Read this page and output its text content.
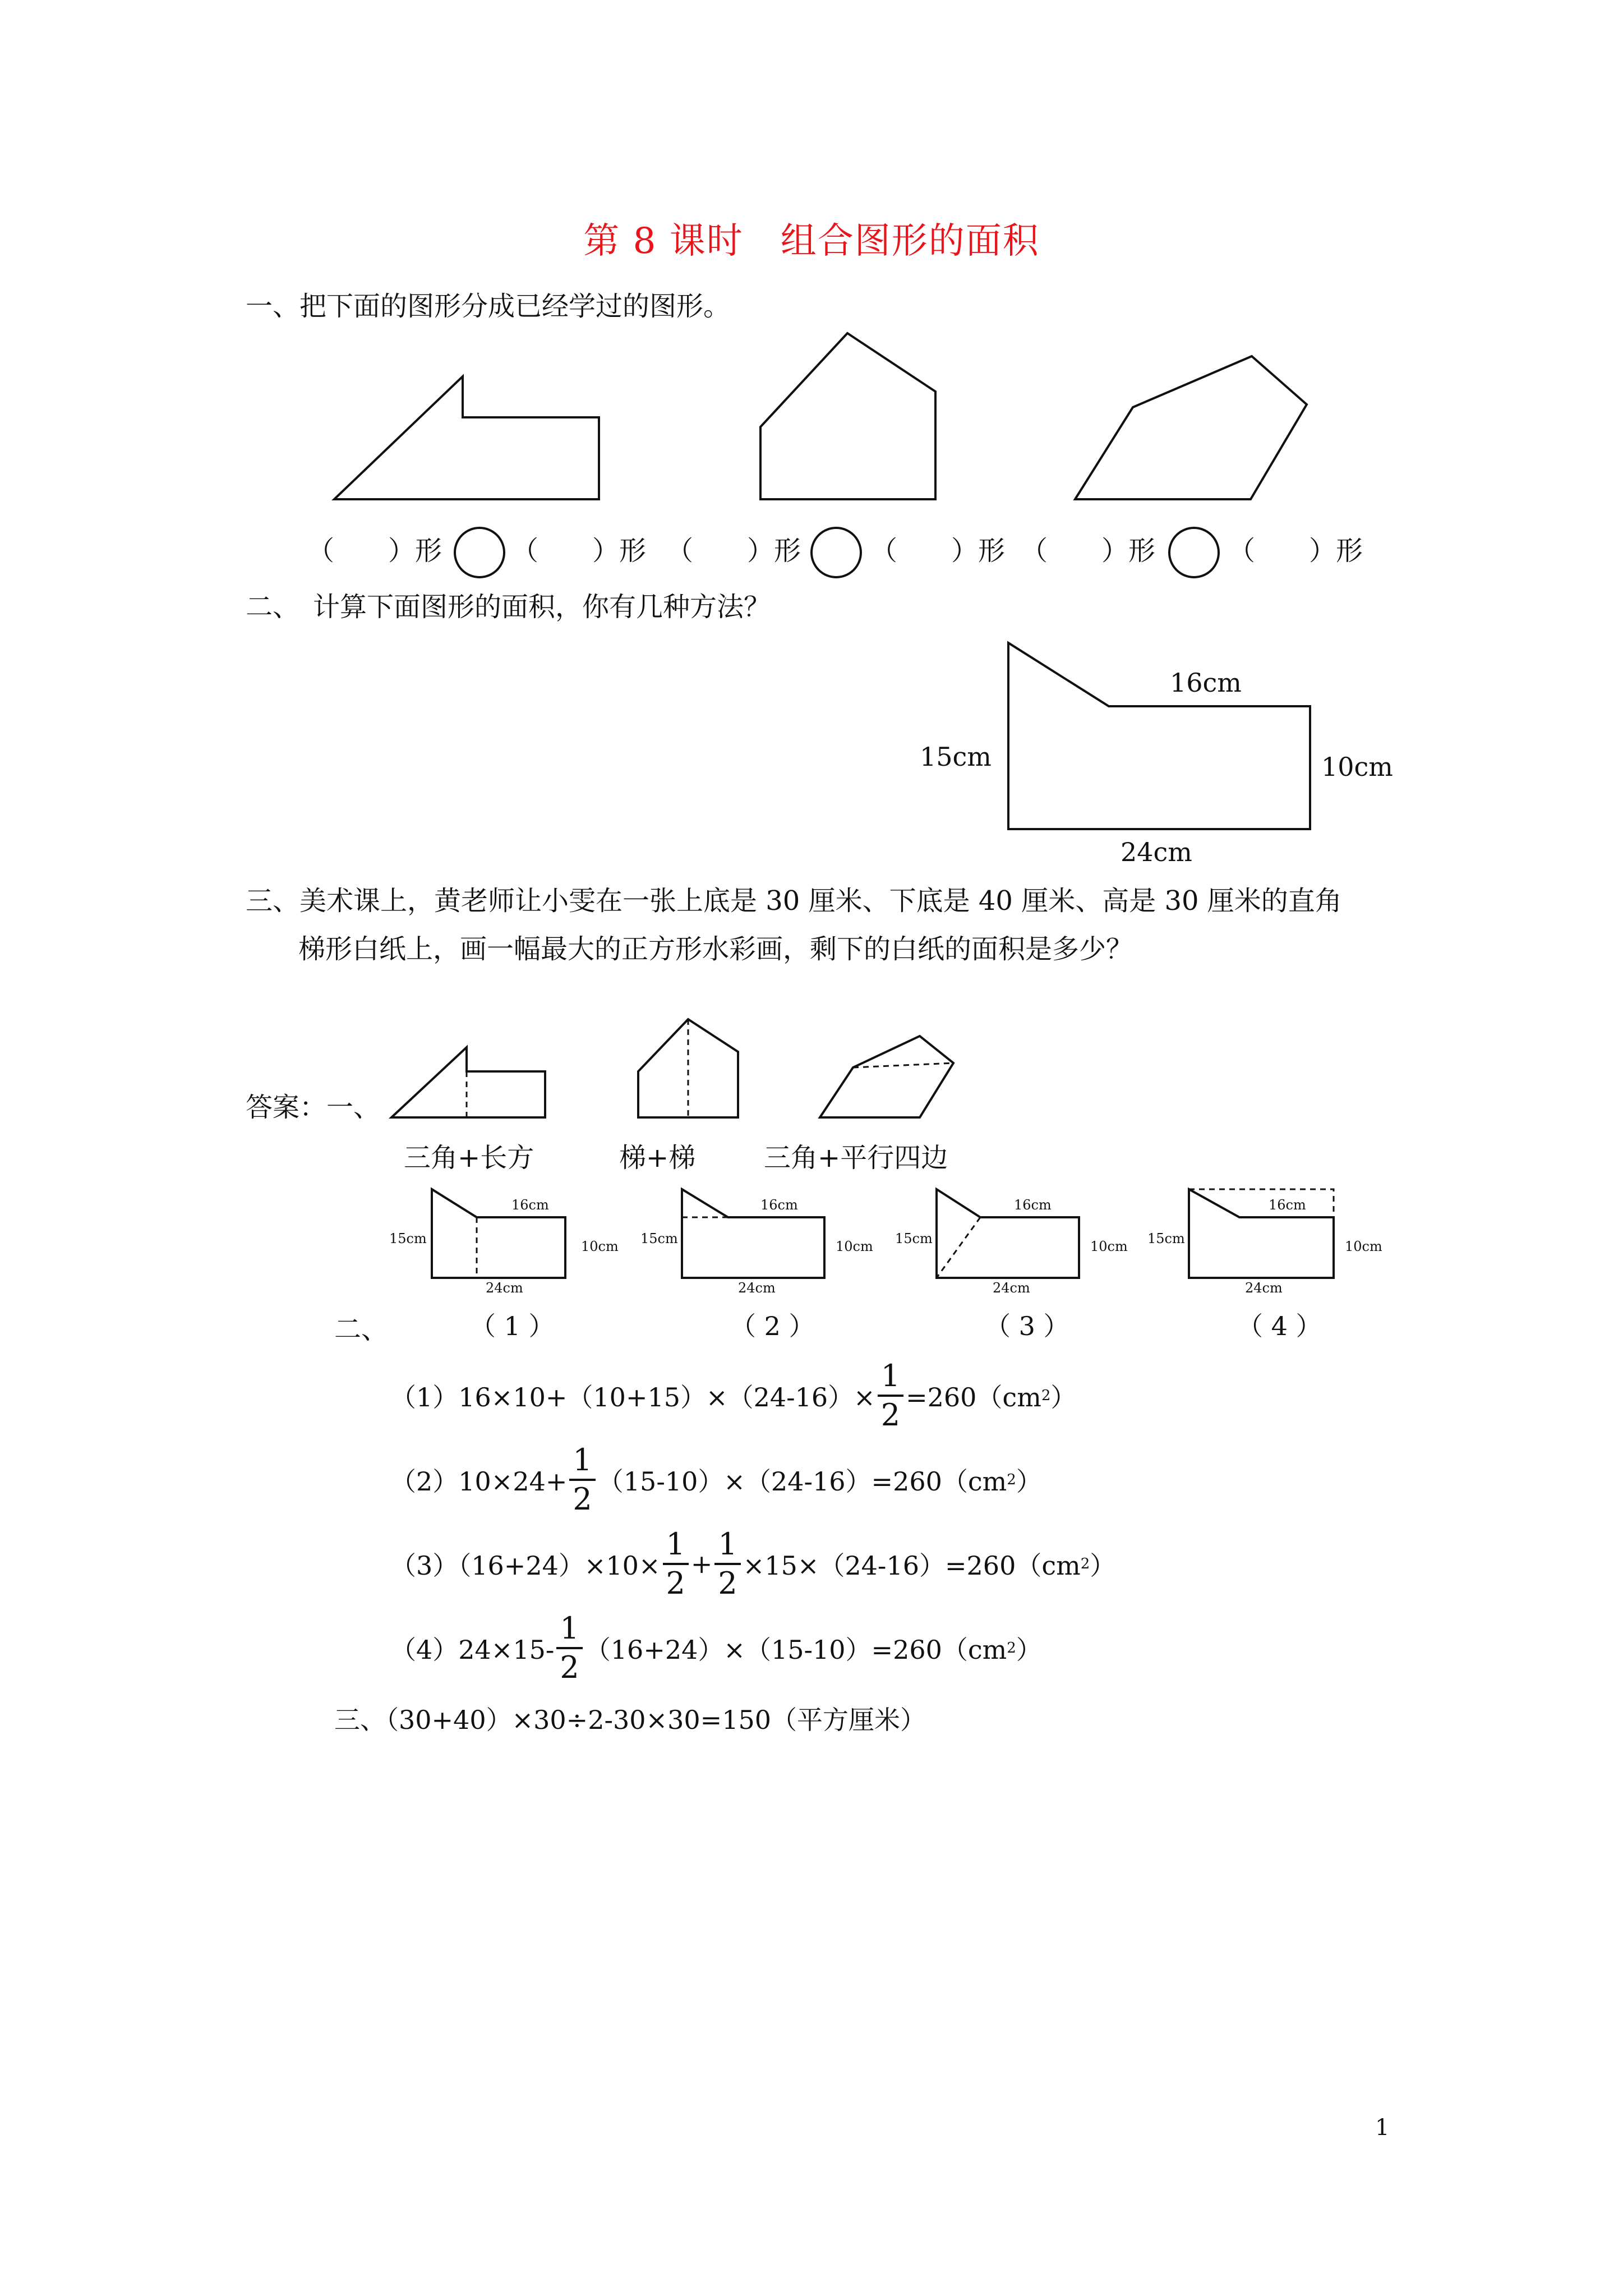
第 8 课时　组合图形的面积
一、把下面的图形分成已经学过的图形。
（　　）形	（　　）形 （　　）形	（　　）形 （　　）形	（　　）形
二、　计算下面图形的面积，你有几种方法？
16cm
15cm	10cm
24cm
三、美术课上，黄老师让小雯在一张上底是 30 厘米、下底是 40 厘米、高是 30 厘米的直角
梯形白纸上，画一幅最大的正方形水彩画，剩下的白纸的面积是多少？
答案：一、
三角+长方	梯+梯	三角+平行四边
16cm
15cm	10cm
24cm
16cm
15cm	10cm
24cm
16cm
15cm	10cm
24cm
16cm
15cm	10cm
24cm
二、	（ 1 ）	（ 2 ）	（ 3 ）	（ 4 ）
$(1)16\times 10+(10+15)\times(24-16)\times \frac{1}{2} =260(cm$ 2 ）
$(2)10\times 24+ \frac{1}{2} (15-10)\times(24-16)=260(cm$ 2 ）
$(3)(16+24)\times 10\times \frac{1}{2} + \frac{1}{2} \times 15\times(24-16)=260(cm$ 2 ）
$(4)24\times 15- \frac{1}{2} (16+24)\times(15-10)=260(cm$ 2 ）
三、（30+40）×30÷2-30×30=150（平方厘米）
1
